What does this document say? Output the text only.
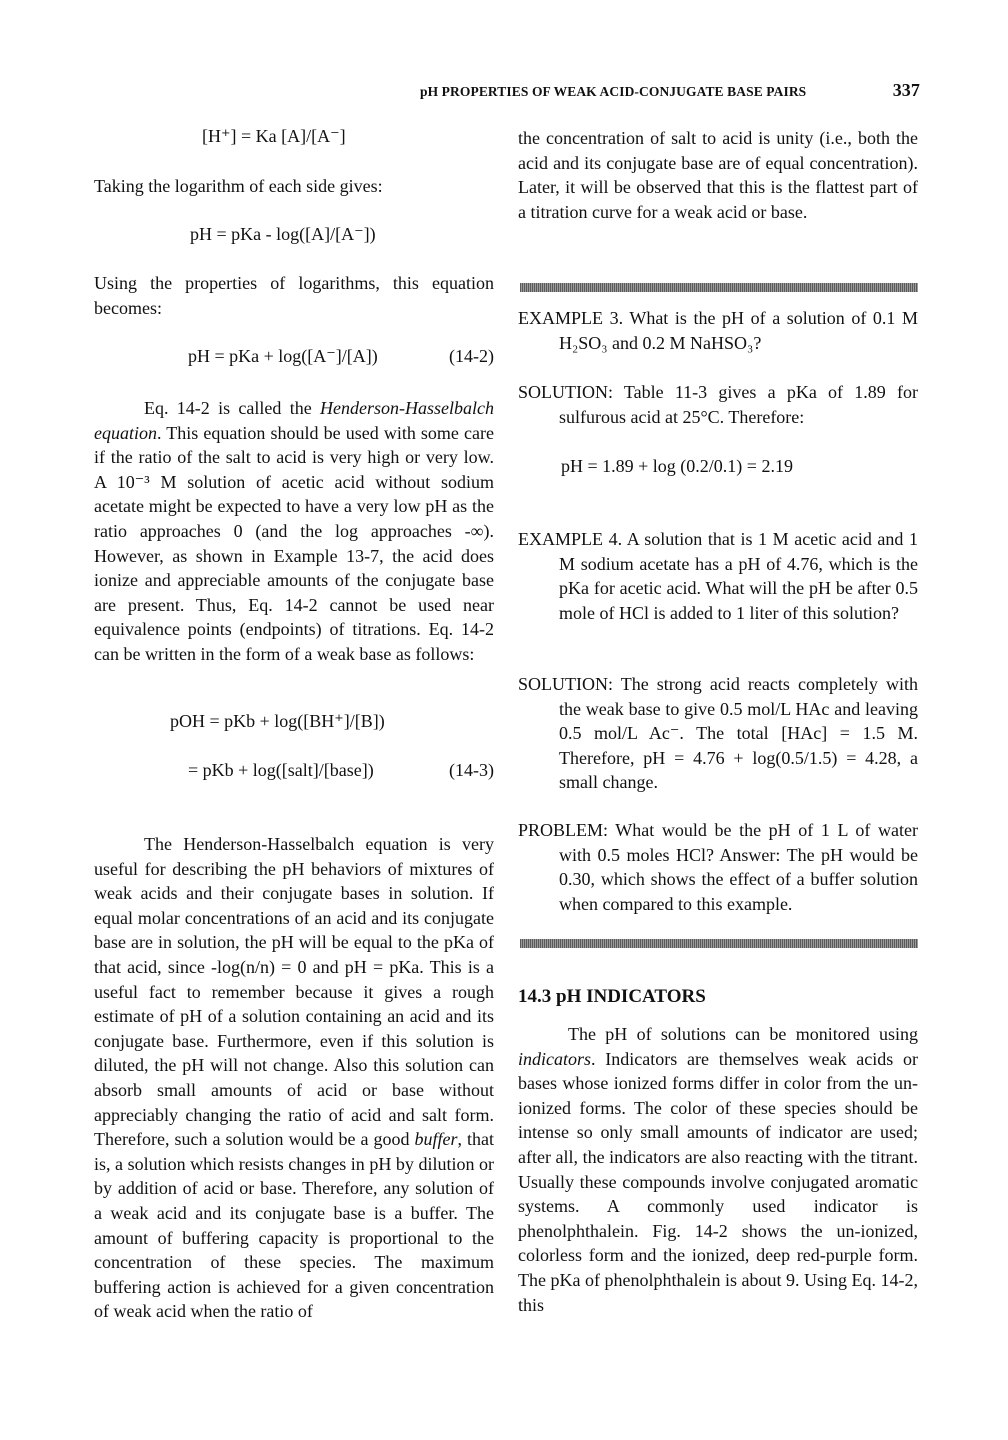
pH PROPERTIES OF WEAK ACID-CONJUGATE BASE PAIRS	337
[H⁺] = Ka [A]/[A⁻]

Taking the logarithm of each side gives:

pH = pKa - log([A]/[A⁻])

Using the properties of logarithms, this equation becomes:

pH = pKa + log([A⁻]/[A])	(14-2)

Eq. 14-2 is called the Henderson-Hasselbalch equation. This equation should be used with some care if the ratio of the salt to acid is very high or very low. A 10⁻³ M solution of acetic acid without sodium acetate might be expected to have a very low pH as the ratio approaches 0 (and the log approaches -∞). However, as shown in Example 13-7, the acid does ionize and appreciable amounts of the conjugate base are present. Thus, Eq. 14-2 cannot be used near equivalence points (endpoints) of titrations. Eq. 14-2 can be written in the form of a weak base as follows:

pOH = pKb + log([BH⁺]/[B])
= pKb + log([salt]/[base])	(14-3)

The Henderson-Hasselbalch equation is very useful for describing the pH behaviors of mixtures of weak acids and their conjugate bases in solution. If equal molar concentrations of an acid and its conjugate base are in solution, the pH will be equal to the pKa of that acid, since -log(n/n) = 0 and pH = pKa. This is a useful fact to remember because it gives a rough estimate of pH of a solution containing an acid and its conjugate base. Furthermore, even if this solution is diluted, the pH will not change. Also this solution can absorb small amounts of acid or base without appreciably changing the ratio of acid and salt form. Therefore, such a solution would be a good buffer, that is, a solution which resists changes in pH by dilution or by addition of acid or base. Therefore, any solution of a weak acid and its conjugate base is a buffer. The amount of buffering capacity is proportional to the concentration of these species. The maximum buffering action is achieved for a given concentration of weak acid when the ratio of

the concentration of salt to acid is unity (i.e., both the acid and its conjugate base are of equal concentration). Later, it will be observed that this is the flattest part of a titration curve for a weak acid or base.

EXAMPLE 3. What is the pH of a solution of 0.1 M H₂SO₃ and 0.2 M NaHSO₃?

SOLUTION: Table 11-3 gives a pKa of 1.89 for sulfurous acid at 25°C. Therefore:

pH = 1.89 + log (0.2/0.1) = 2.19

EXAMPLE 4. A solution that is 1 M acetic acid and 1 M sodium acetate has a pH of 4.76, which is the pKa for acetic acid. What will the pH be after 0.5 mole of HCl is added to 1 liter of this solution?

SOLUTION: The strong acid reacts completely with the weak base to give 0.5 mol/L HAc and leaving 0.5 mol/L Ac⁻. The total [HAc] = 1.5 M. Therefore, pH = 4.76 + log(0.5/1.5) = 4.28, a small change.

PROBLEM: What would be the pH of 1 L of water with 0.5 moles HCl? Answer: The pH would be 0.30, which shows the effect of a buffer solution when compared to this example.

14.3 pH INDICATORS

The pH of solutions can be monitored using indicators. Indicators are themselves weak acids or bases whose ionized forms differ in color from the un-ionized forms. The color of these species should be intense so only small amounts of indicator are used; after all, the indicators are also reacting with the titrant. Usually these compounds involve conjugated aromatic systems. A commonly used indicator is phenolphthalein. Fig. 14-2 shows the un-ionized, colorless form and the ionized, deep red-purple form. The pKa of phenolphthalein is about 9. Using Eq. 14-2, this
